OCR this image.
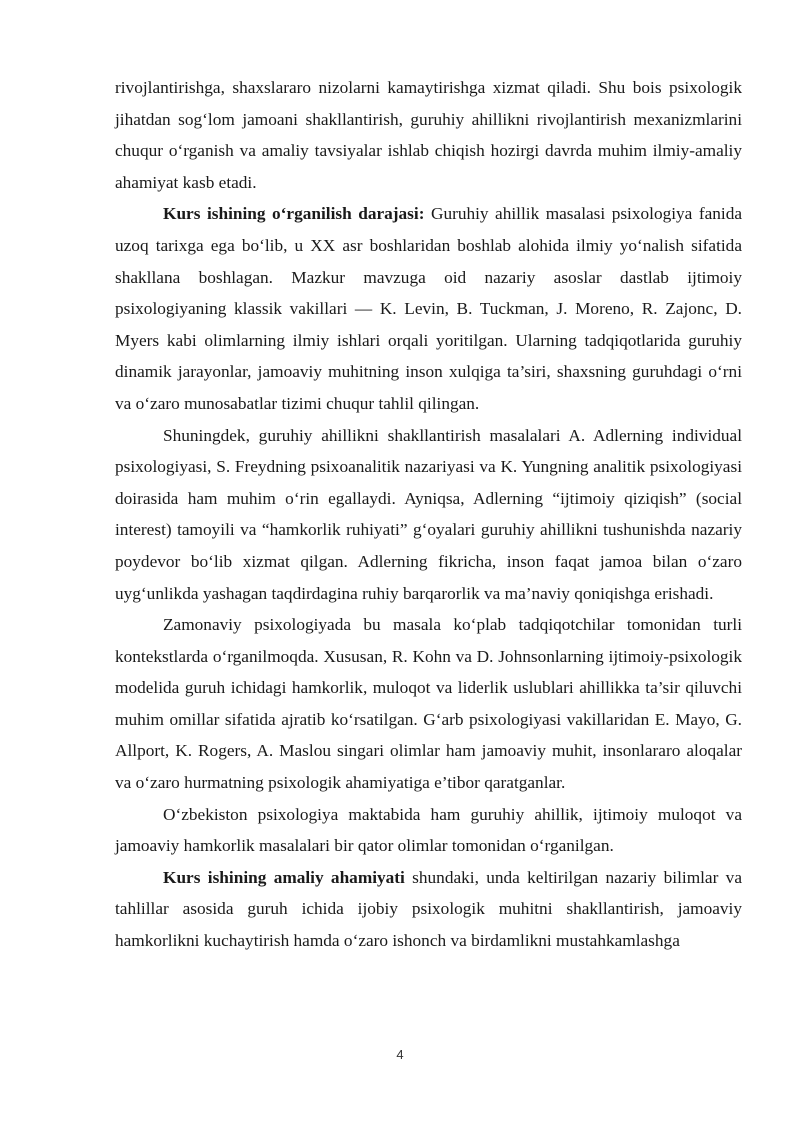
rivojlantirishga, shaxslararo nizolarni kamaytirishga xizmat qiladi. Shu bois psixologik jihatdan sog‘lom jamoani shakllantirish, guruhiy ahillikni rivojlantirish mexanizmlarini chuqur o‘rganish va amaliy tavsiyalar ishlab chiqish hozirgi davrda muhim ilmiy-amaliy ahamiyat kasb etadi.

Kurs ishining o‘rganilish darajasi: Guruhiy ahillik masalasi psixologiya fanida uzoq tarixga ega bo‘lib, u XX asr boshlaridan boshlab alohida ilmiy yo‘nalish sifatida shakllana boshlagan. Mazkur mavzuga oid nazariy asoslar dastlab ijtimoiy psixologiyaning klassik vakillari — K. Levin, B. Tuckman, J. Moreno, R. Zajonc, D. Myers kabi olimlarning ilmiy ishlari orqali yoritilgan. Ularning tadqiqotlarida guruhiy dinamik jarayonlar, jamoaviy muhitning inson xulqiga ta’siri, shaxsning guruhdagi o‘rni va o‘zaro munosabatlar tizimi chuqur tahlil qilingan.

Shuningdek, guruhiy ahillikni shakllantirish masalalari A. Adlerning individual psixologiyasi, S. Freydning psixoanalitik nazariyasi va K. Yungning analitik psixologiyasi doirasida ham muhim o‘rin egallaydi. Ayniqsa, Adlerning “ijtimoiy qiziqish” (social interest) tamoyili va “hamkorlik ruhiyati” g‘oyalari guruhiy ahillikni tushunishda nazariy poydevor bo‘lib xizmat qilgan. Adlerning fikricha, inson faqat jamoa bilan o‘zaro uyg‘unlikda yashagan taqdirdagina ruhiy barqarorlik va ma’naviy qoniqishga erishadi.

Zamonaviy psixologiyada bu masala ko‘plab tadqiqotchilar tomonidan turli kontekstlarda o‘rganilmoqda. Xususan, R. Kohn va D. Johnsonlarning ijtimoiy-psixologik modelida guruh ichidagi hamkorlik, muloqot va liderlik uslublari ahillikka ta’sir qiluvchi muhim omillar sifatida ajratib ko‘rsatilgan. G‘arb psixologiyasi vakillaridan E. Mayo, G. Allport, K. Rogers, A. Maslou singari olimlar ham jamoaviy muhit, insonlararo aloqalar va o‘zaro hurmatning psixologik ahamiyatiga e’tibor qaratganlar.

O‘zbekiston psixologiya maktabida ham guruhiy ahillik, ijtimoiy muloqot va jamoaviy hamkorlik masalalari bir qator olimlar tomonidan o‘rganilgan.

Kurs ishining amaliy ahamiyati shundaki, unda keltirilgan nazariy bilimlar va tahlillar asosida guruh ichida ijobiy psixologik muhitni shakllantirish, jamoaviy hamkorlikni kuchaytirish hamda o‘zaro ishonch va birdamlikni mustahkamlashga

4
